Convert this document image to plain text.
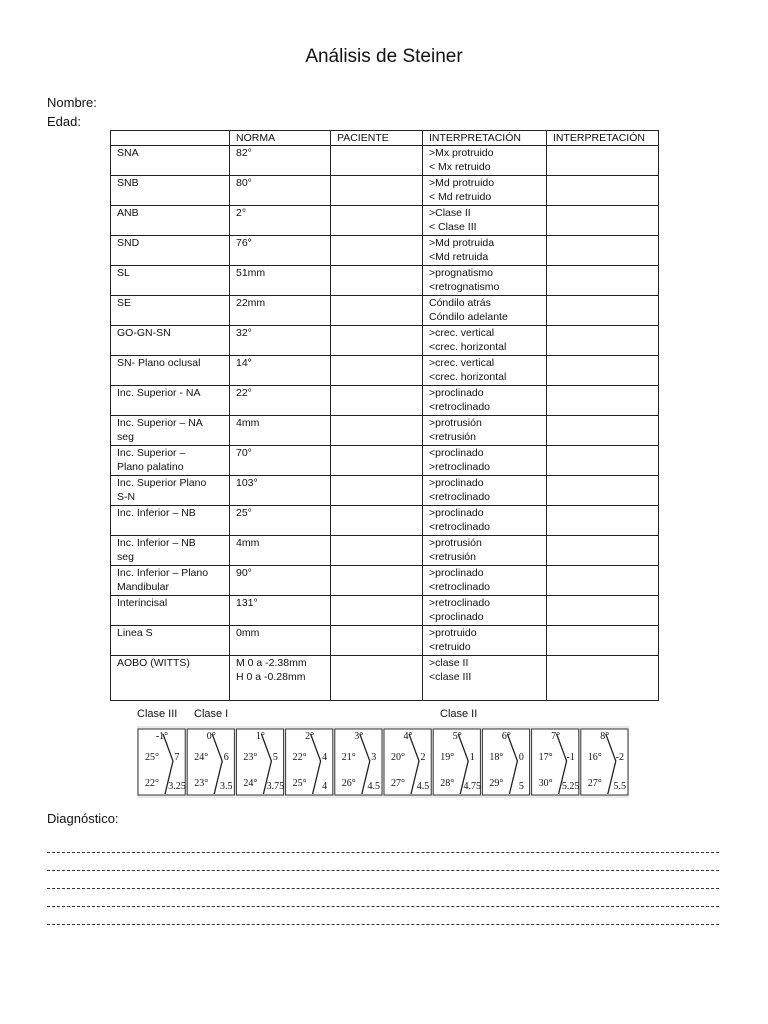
Análisis de Steiner
Nombre:
Edad:
	NORMA	PACIENTE	INTERPRETACIÓN	INTERPRETACIÓN

SNA	82°		>Mx protruido
< Mx retruido	

SNB	80°		>Md protruido
< Md retruido	

ANB	2°		>Clase II
< Clase III	

SND	76°		>Md protruida
<Md retruida	

SL	51mm		>prognatismo
<retrognatismo	

SE	22mm		Cóndilo atrás
Cóndilo adelante	

GO-GN-SN	32°		>crec. vertical
<crec. horizontal	

SN- Plano oclusal	14°		>crec. vertical
<crec. horizontal	

Inc. Superior - NA	22°		>proclinado
<retroclinado	

Inc. Superior – NA
seg	4mm		>protrusión
<retrusión	

Inc. Superior –
Plano palatino	70°		<proclinado
>retroclinado	

Inc. Superior Plano
S-N	103°		>proclinado
<retroclinado	

Inc. Inferior – NB	25°		>proclinado
<retroclinado	

Inc. Inferior – NB
seg	4mm		>protrusión
<retrusión	

Inc. Inferior – Plano
Mandibular	90°		>proclinado
<retroclinado	

Interincisal	131°		>retroclinado
<proclinado	

Linea S	0mm		>protruido
<retruido	

AOBO (WITTS)	M 0 a -2.38mm
H 0 a -0.28mm		>clase II
<clase III	

Clase III Clase I	Clase II
-1°
25° 7
22° 3.25
0°
24° 6
23° 3.5
1°
23° 5
24° 3.75
2°
22° 4
25° 4
3°
21° 3
26° 4.5
4°
20° 2
27° 4.5
5°
19° 1
28° 4.75
6°
18° 0
29° 5
7°
17° -1
30° 5.25
8°
16° -2
27° 5.5
Diagnóstico:
